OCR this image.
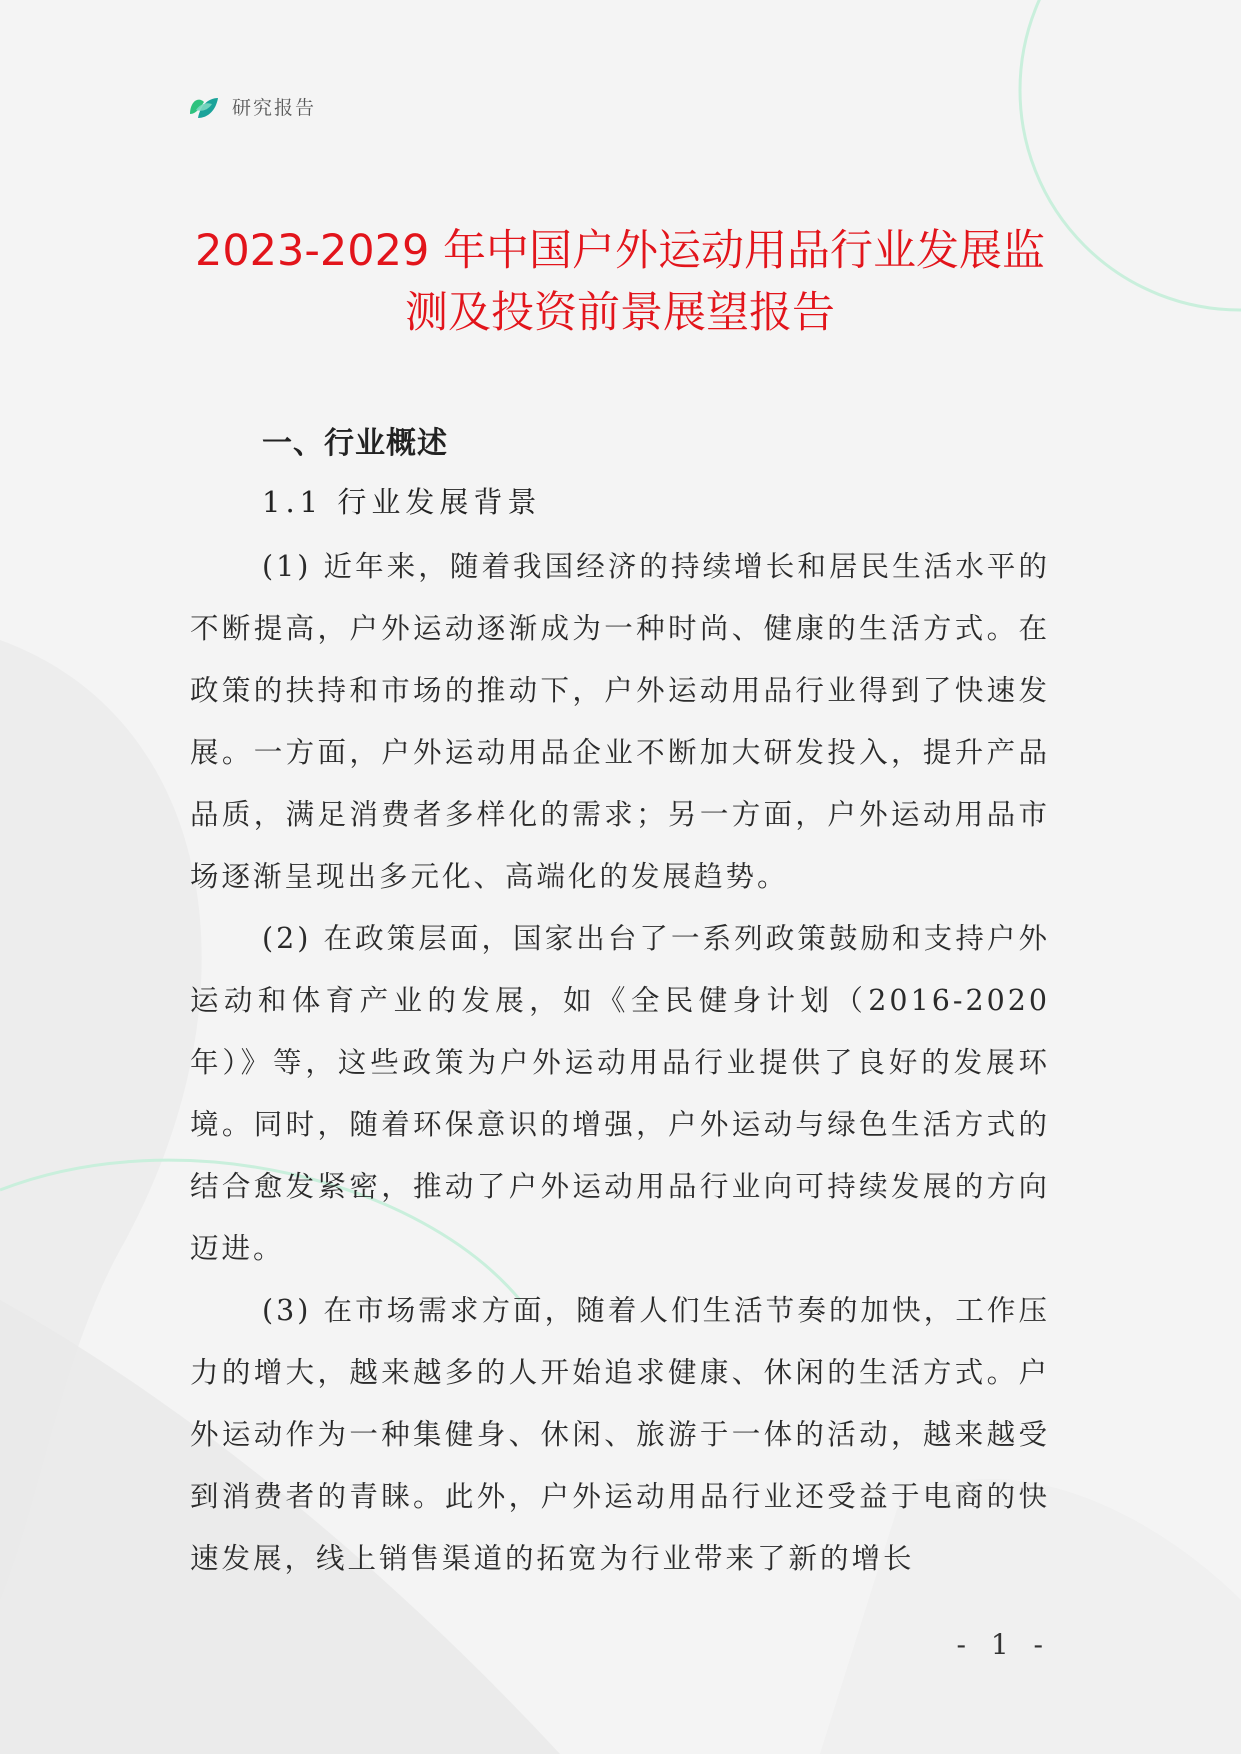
研究报告
2023-2029 年中国户外运动用品行业发展监
测及投资前景展望报告
一、行业概述
1.1 行业发展背景

(1) 近年来，随着我国经济的持续增长和居民生活水平的不断提高，户外运动逐渐成为一种时尚、健康的生活方式。在政策的扶持和市场的推动下，户外运动用品行业得到了快速发展。一方面，户外运动用品企业不断加大研发投入，提升产品品质，满足消费者多样化的需求；另一方面，户外运动用品市场逐渐呈现出多元化、高端化的发展趋势。

(2) 在政策层面，国家出台了一系列政策鼓励和支持户外运动和体育产业的发展，如《全民健身计划（2016-2020年）》等，这些政策为户外运动用品行业提供了良好的发展环境。同时，随着环保意识的增强，户外运动与绿色生活方式的结合愈发紧密，推动了户外运动用品行业向可持续发展的方向迈进。

(3) 在市场需求方面，随着人们生活节奏的加快，工作压力的增大，越来越多的人开始追求健康、休闲的生活方式。户外运动作为一种集健身、休闲、旅游于一体的活动，越来越受到消费者的青睐。此外，户外运动用品行业还受益于电商的快速发展，线上销售渠道的拓宽为行业带来了新的增长

- 1 -
